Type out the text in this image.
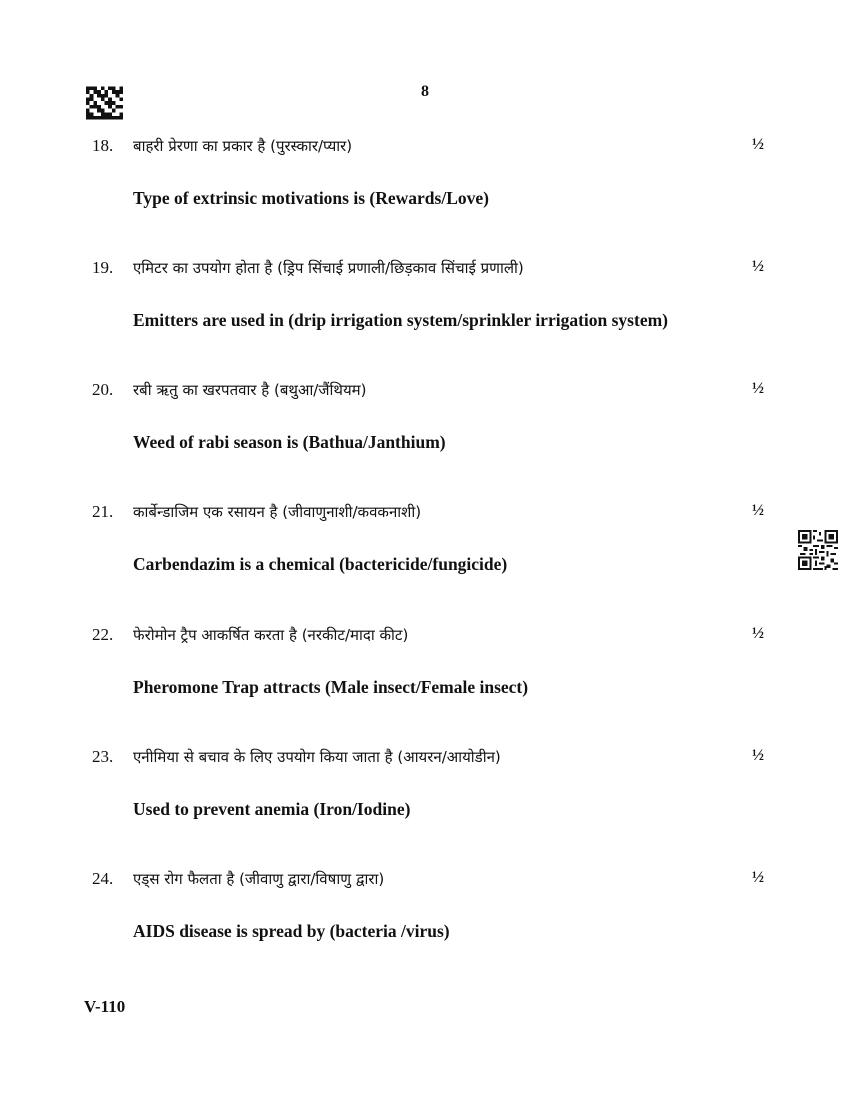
8
18. बाहरी प्रेरणा का प्रकार है (पुरस्कार/प्यार)	½
Type of extrinsic motivations is (Rewards/Love)
19. एमिटर का उपयोग होता है (ड्रिप सिंचाई प्रणाली/छिड़काव सिंचाई प्रणाली)	½
Emitters are used in (drip irrigation system/sprinkler irrigation system)
20. रबी ऋतु का खरपतवार है (बथुआ/जैंथियम)	½
Weed of rabi season is (Bathua/Janthium)
21. कार्बेन्डाजिम एक रसायन है (जीवाणुनाशी/कवकनाशी)	½
Carbendazim is a chemical (bactericide/fungicide)
22. फेरोमोन ट्रैप आकर्षित करता है (नरकीट/मादा कीट)	½
Pheromone Trap attracts (Male insect/Female insect)
23. एनीमिया से बचाव के लिए उपयोग किया जाता है (आयरन/आयोडीन)	½
Used to prevent anemia (Iron/Iodine)
24. एड्स रोग फैलता है (जीवाणु द्वारा/विषाणु द्वारा)	½
AIDS disease is spread by (bacteria /virus)
V-110
